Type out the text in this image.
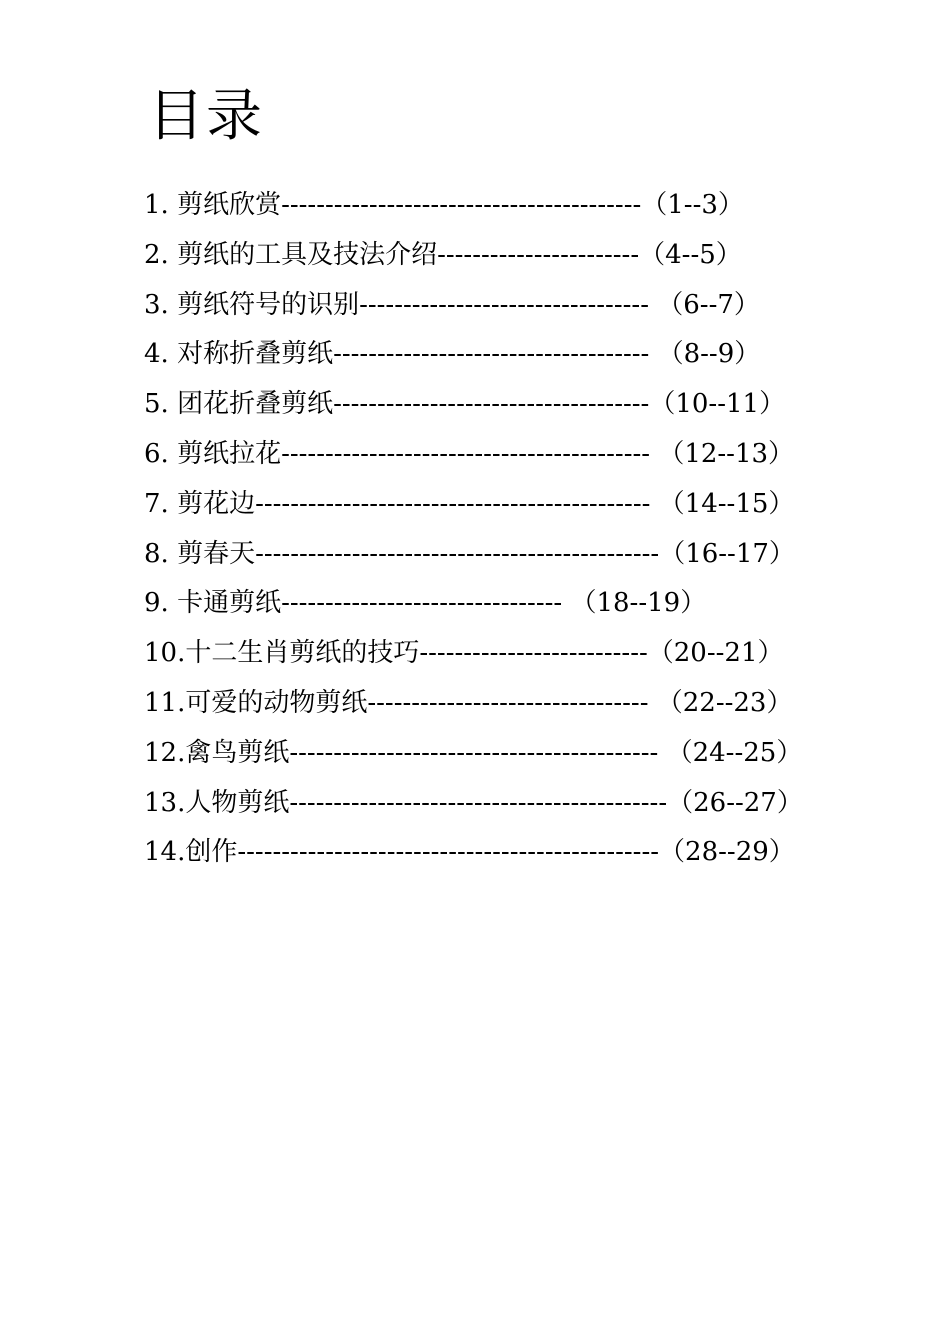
目录
1. 剪纸欣赏-----------------------------------------（1--3）
2. 剪纸的工具及技法介绍-----------------------（4--5）
3. 剪纸符号的识别--------------------------------- （6--7）
4. 对称折叠剪纸------------------------------------ （8--9）
5. 团花折叠剪纸------------------------------------（10--11）
6. 剪纸拉花------------------------------------------ （12--13）
7. 剪花边--------------------------------------------- （14--15）
8. 剪春天----------------------------------------------（16--17）
9. 卡通剪纸-------------------------------- （18--19）
10.十二生肖剪纸的技巧--------------------------（20--21）
11.可爱的动物剪纸-------------------------------- （22--23）
12.禽鸟剪纸------------------------------------------ （24--25）
13.人物剪纸-------------------------------------------（26--27）
14.创作------------------------------------------------（28--29）
